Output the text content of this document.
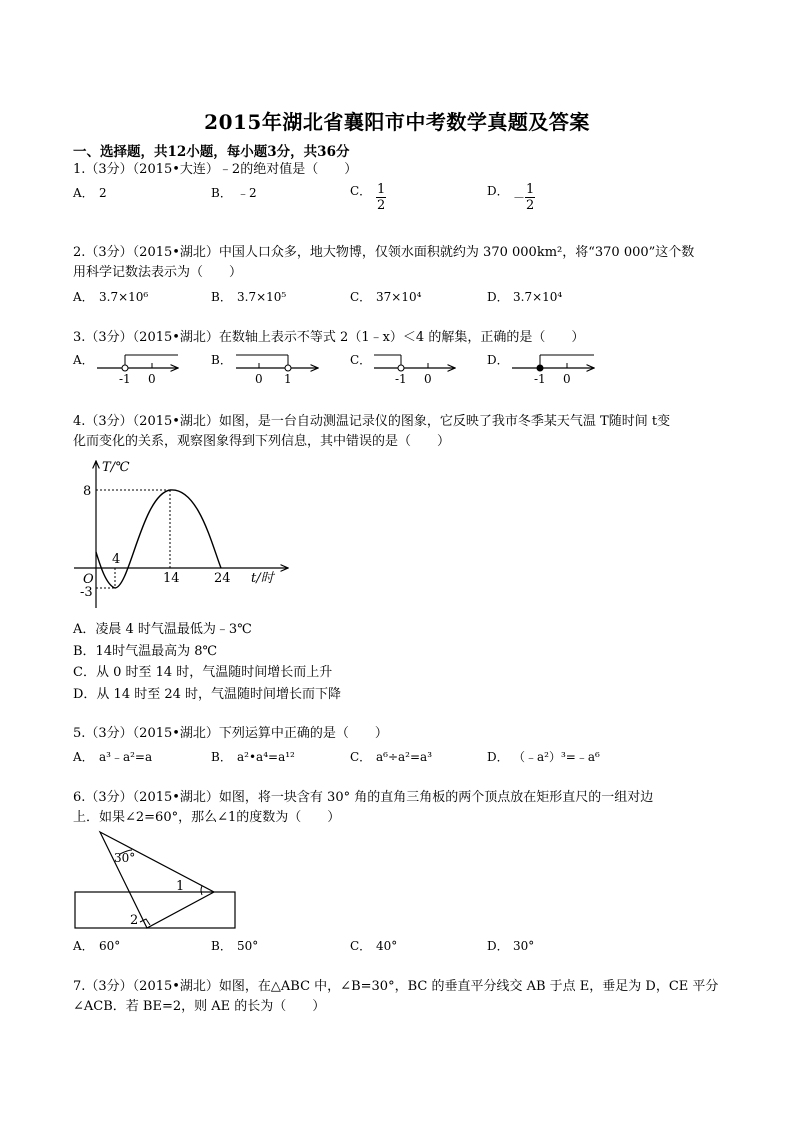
2015年湖北省襄阳市中考数学真题及答案
一、选择题，共12小题，每小题3分，共36分
1.（3分）（2015•大连）﹣2的绝对值是（　　）
A． 2	B． ﹣2	C． $\frac{1}{2}$	D． － $\frac{1}{2}$
2.（3分）（2015•湖北）中国人口众多，地大物博，仅领水面积就约为 370 000km²，将“370 000”这个数
用科学记数法表示为（　　）
A． 3.7×10⁶	B． 3.7×10⁵	C． 37×10⁴	D． 3.7×10⁴
3.（3分）（2015•湖北）在数轴上表示不等式 2（1﹣x）＜4 的解集，正确的是（　　）
A．	B．	C．	D．
-1 0	0 1	-1 0	-1 0
4.（3分）（2015•湖北）如图，是一台自动测温记录仪的图象，它反映了我市冬季某天气温 T随时间 t变
化而变化的关系，观察图象得到下列信息，其中错误的是（　　）
T/℃
t/时
O
8
-3
4
14	24
A．凌晨 4 时气温最低为﹣3℃
B．14时气温最高为 8℃
C．从 0 时至 14 时，气温随时间增长而上升
D．从 14 时至 24 时，气温随时间增长而下降
5.（3分）（2015•湖北）下列运算中正确的是（　　）
A． a³﹣a²=a	B． a²•a⁴=a¹²	C． a⁶÷a²=a³	D． （﹣a²）³=﹣a⁶
6.（3分）（2015•湖北）如图，将一块含有 30° 角的直角三角板的两个顶点放在矩形直尺的一组对边
上．如果∠2=60°，那么∠1的度数为（　　）
30°
1
2
A． 60°	B． 50°	C． 40°	D． 30°
7.（3分）（2015•湖北）如图，在△ABC 中，∠B=30°，BC 的垂直平分线交 AB 于点 E，垂足为 D，CE 平分
∠ACB．若 BE=2，则 AE 的长为（　　）
